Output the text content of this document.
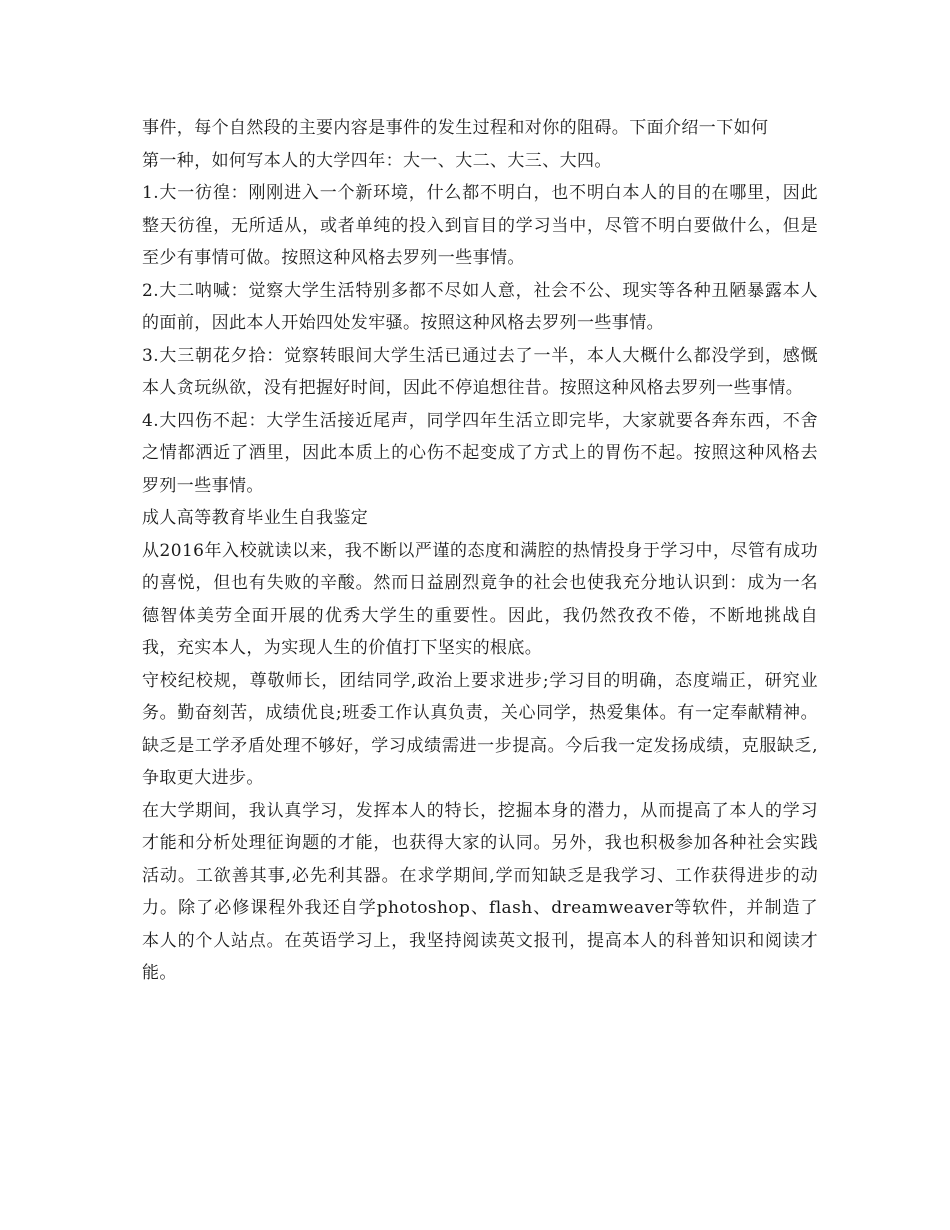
事件，每个自然段的主要内容是事件的发生过程和对你的阻碍。下面介绍一下如何

第一种，如何写本人的大学四年：大一、大二、大三、大四。

1.大一彷徨：刚刚进入一个新环境，什么都不明白，也不明白本人的目的在哪里，因此整天彷徨，无所适从，或者单纯的投入到盲目的学习当中，尽管不明白要做什么，但是至少有事情可做。按照这种风格去罗列一些事情。

2.大二呐喊：觉察大学生活特别多都不尽如人意，社会不公、现实等各种丑陋暴露本人的面前，因此本人开始四处发牢骚。按照这种风格去罗列一些事情。

3.大三朝花夕拾：觉察转眼间大学生活已通过去了一半，本人大概什么都没学到，感慨本人贪玩纵欲，没有把握好时间，因此不停追想往昔。按照这种风格去罗列一些事情。

4.大四伤不起：大学生活接近尾声，同学四年生活立即完毕，大家就要各奔东西，不舍之情都洒近了酒里，因此本质上的心伤不起变成了方式上的胃伤不起。按照这种风格去罗列一些事情。

成人高等教育毕业生自我鉴定

从2016年入校就读以来，我不断以严谨的态度和满腔的热情投身于学习中，尽管有成功的喜悦，但也有失败的辛酸。然而日益剧烈竟争的社会也使我充分地认识到：成为一名德智体美劳全面开展的优秀大学生的重要性。因此，我仍然孜孜不倦，不断地挑战自我，充实本人，为实现人生的价值打下坚实的根底。

守校纪校规，尊敬师长，团结同学,政治上要求进步;学习目的明确，态度端正，研究业务。勤奋刻苦，成绩优良;班委工作认真负责，关心同学，热爱集体。有一定奉献精神。缺乏是工学矛盾处理不够好，学习成绩需进一步提高。今后我一定发扬成绩，克服缺乏,争取更大进步。

在大学期间，我认真学习，发挥本人的特长，挖掘本身的潜力，从而提高了本人的学习才能和分析处理征询题的才能，也获得大家的认同。另外，我也积极参加各种社会实践活动。工欲善其事,必先利其器。在求学期间,学而知缺乏是我学习、工作获得进步的动力。除了必修课程外我还自学photoshop、flash、dreamweaver等软件，并制造了本人的个人站点。在英语学习上，我坚持阅读英文报刊，提高本人的科普知识和阅读才能。
